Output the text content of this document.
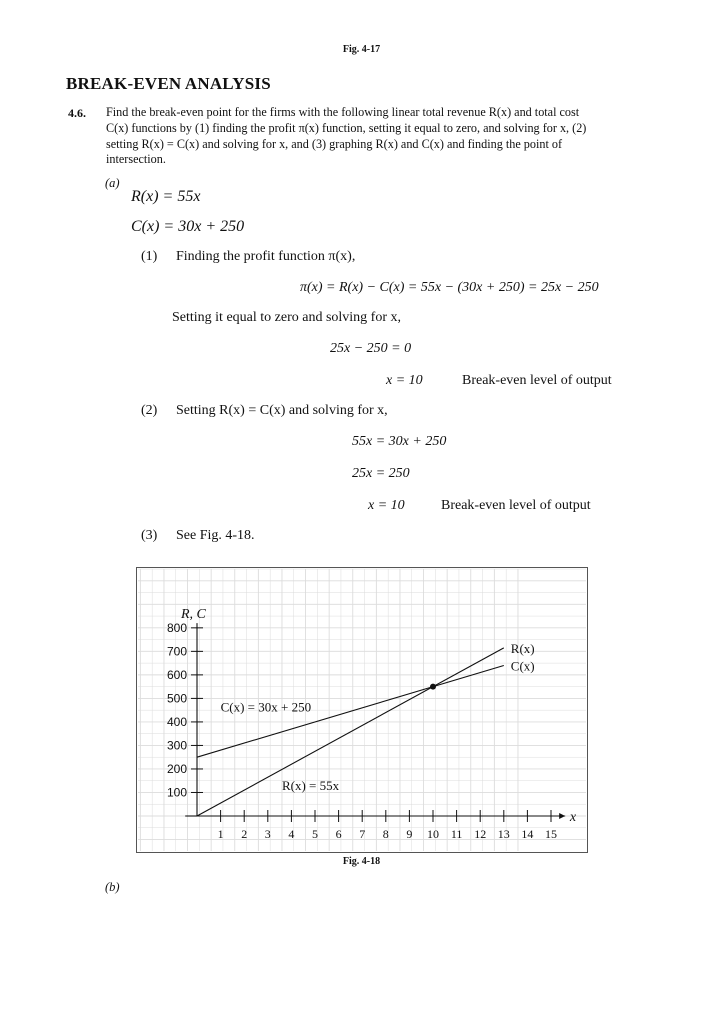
Fig. 4-17
BREAK-EVEN ANALYSIS
4.6. Find the break-even point for the firms with the following linear total revenue R(x) and total cost
C(x) functions by (1) finding the profit π(x) function, setting it equal to zero, and solving for x, (2)
setting R(x) = C(x) and solving for x, and (3) graphing R(x) and C(x) and finding the point of
intersection.
(a)
R(x) = 55x
C(x) = 30x + 250
(1) Finding the profit function π(x),
π(x) = R(x) − C(x) = 55x − (30x + 250) = 25x − 250
Setting it equal to zero and solving for x,
25x − 250 = 0
x = 10	Break-even level of output
(2) Setting R(x) = C(x) and solving for x,
55x = 30x + 250
25x = 250
x = 10	Break-even level of output
(3) See Fig. 4-18.
100
200
300
400
500
600
700
800
1 2 3 4 5 6 7 8 9 10 11 12 13 14 15
R, C
x
R(x)
C(x)
R(x) = 55x
C(x) = 30x + 250
Fig. 4-18
(b)
